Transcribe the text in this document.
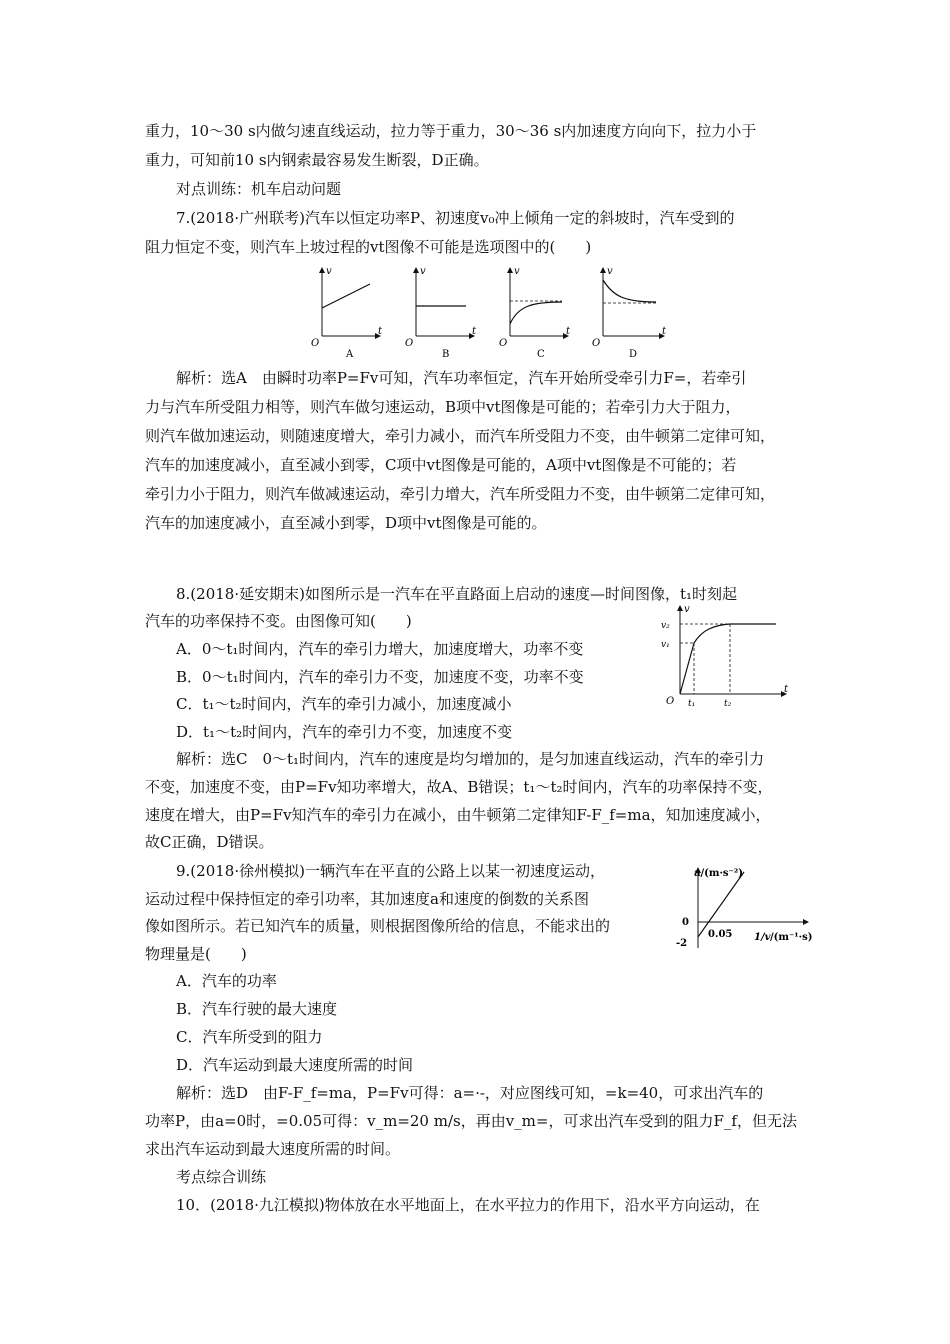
重力，10～30 s内做匀速直线运动，拉力等于重力，30～36 s内加速度方向向下，拉力小于
重力，可知前10 s内钢索最容易发生断裂，D正确。
对点训练：机车启动问题
7.(2018·广州联考)汽车以恒定功率P、初速度v₀冲上倾角一定的斜坡时，汽车受到的
阻力恒定不变，则汽车上坡过程的vt图像不可能是选项图中的(　　)
v
t
O
A
v
t
O
B
v
t
O
C
v
t
O
D
解析：选A　由瞬时功率P=Fv可知，汽车功率恒定，汽车开始所受牵引力F=，若牵引
力与汽车所受阻力相等，则汽车做匀速运动，B项中vt图像是可能的；若牵引力大于阻力，
则汽车做加速运动，则随速度增大，牵引力减小，而汽车所受阻力不变，由牛顿第二定律可知，
汽车的加速度减小，直至减小到零，C项中vt图像是可能的，A项中vt图像是不可能的；若
牵引力小于阻力，则汽车做减速运动，牵引力增大，汽车所受阻力不变，由牛顿第二定律可知，
汽车的加速度减小，直至减小到零，D项中vt图像是可能的。
8.(2018·延安期末)如图所示是一汽车在平直路面上启动的速度—时间图像，t₁时刻起
汽车的功率保持不变。由图像可知(　　)
A．0～t₁时间内，汽车的牵引力增大，加速度增大，功率不变
B．0～t₁时间内，汽车的牵引力不变，加速度不变，功率不变
C．t₁～t₂时间内，汽车的牵引力减小，加速度减小
D．t₁～t₂时间内，汽车的牵引力不变，加速度不变
v
t
O
v₁
v₂
t₁	t₂
解析：选C　0～t₁时间内，汽车的速度是均匀增加的，是匀加速直线运动，汽车的牵引力
不变，加速度不变，由P=Fv知功率增大，故A、B错误；t₁～t₂时间内，汽车的功率保持不变，
速度在增大，由P=Fv知汽车的牵引力在减小，由牛顿第二定律知F-F_f=ma，知加速度减小，
故C正确，D错误。
9.(2018·徐州模拟)一辆汽车在平直的公路上以某一初速度运动，
运动过程中保持恒定的牵引功率，其加速度a和速度的倒数的关系图
像如图所示。若已知汽车的质量，则根据图像所给的信息，不能求出的
物理量是(　　)
a/(m·s⁻²)
0
-2
0.05 1/v /(m⁻¹·s)
A．汽车的功率
B．汽车行驶的最大速度
C．汽车所受到的阻力
D．汽车运动到最大速度所需的时间
解析：选D　由F-F_f=ma，P=Fv可得：a=·-，对应图线可知，=k=40，可求出汽车的
功率P，由a=0时，=0.05可得：v_m=20 m/s，再由v_m=，可求出汽车受到的阻力F_f，但无法
求出汽车运动到最大速度所需的时间。
考点综合训练
10．(2018·九江模拟)物体放在水平地面上，在水平拉力的作用下，沿水平方向运动，在
